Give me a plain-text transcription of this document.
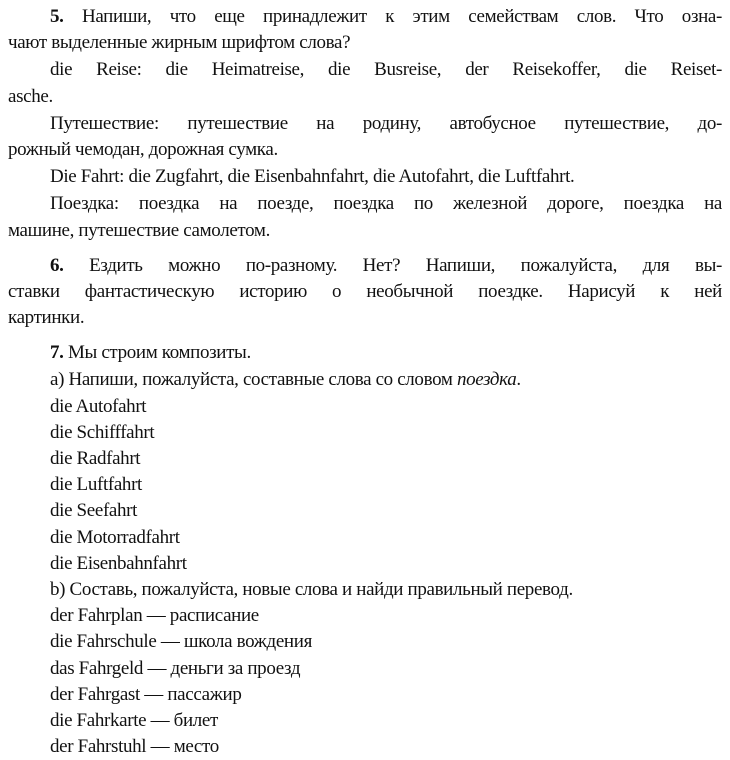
5. Напиши, что еще принадлежит к этим семействам слов. Что озна-
чают выделенные жирным шрифтом слова?
die Reise: die Heimatreise, die Busreise, der Reisekoffer, die Reiset-
asche.
Путешествие: путешествие на родину, автобусное путешествие, до-
рожный чемодан, дорожная сумка.
Die Fahrt: die Zugfahrt, die Eisenbahnfahrt, die Autofahrt, die Luftfahrt.
Поездка: поездка на поезде, поездка по железной дороге, поездка на
машине, путешествие самолетом.
6. Ездить можно по-разному. Нет? Напиши, пожалуйста, для вы-
ставки фантастическую историю о необычной поездке. Нарисуй к ней
картинки.
7. Мы строим композиты.
а) Напиши, пожалуйста, составные слова со словом поездка.
die Autofahrt
die Schifffahrt
die Radfahrt
die Luftfahrt
die Seefahrt
die Motorradfahrt
die Eisenbahnfahrt
b) Составь, пожалуйста, новые слова и найди правильный перевод.
der Fahrplan — расписание
die Fahrschule — школа вождения
das Fahrgeld — деньги за проезд
der Fahrgast — пассажир
die Fahrkarte — билет
der Fahrstuhl — место
